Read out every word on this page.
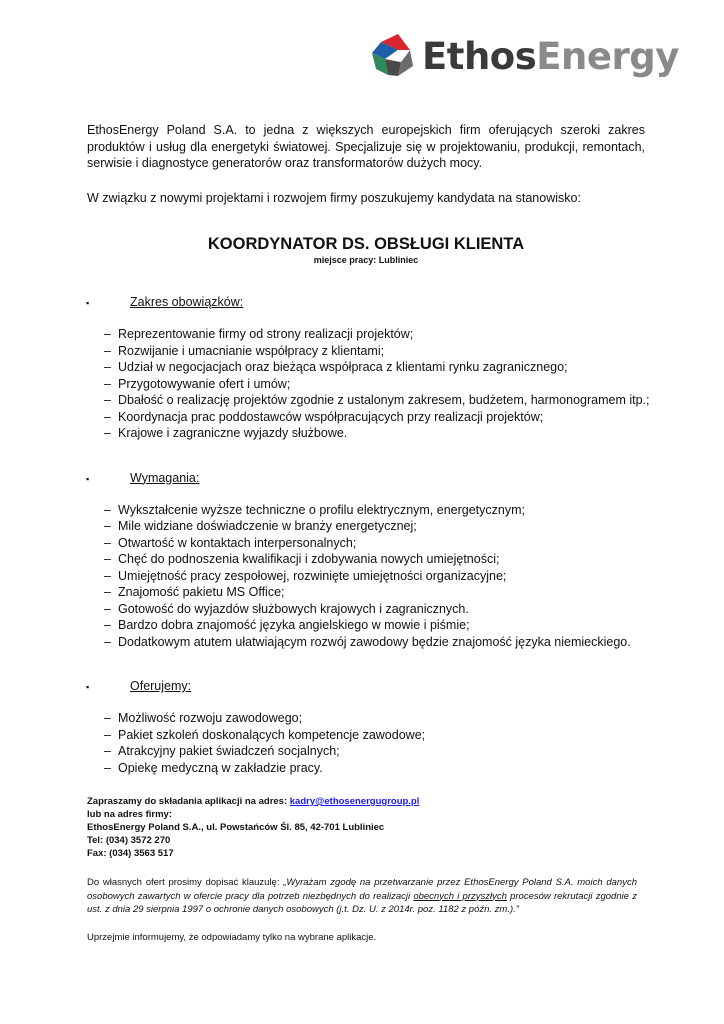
EthosEnergy

EthosEnergy Poland S.A. to jedna z większych europejskich firm oferujących szeroki zakres produktów i usług dla energetyki światowej. Specjalizuje się w projektowaniu, produkcji, remontach, serwisie i diagnostyce generatorów oraz transformatorów dużych mocy.

W związku z nowymi projektami i rozwojem firmy poszukujemy kandydata na stanowisko:

KOORDYNATOR DS. OBSŁUGI KLIENTA
miejsce pracy: Lubliniec
▪	Zakres obowiązków:
– Reprezentowanie firmy od strony realizacji projektów;
– Rozwijanie i umacnianie współpracy z klientami;
– Udział w negocjacjach oraz bieżąca współpraca z klientami rynku zagranicznego;
– Przygotowywanie ofert i umów;
– Dbałość o realizację projektów zgodnie z ustalonym zakresem, budżetem, harmonogramem itp.;
– Koordynacja prac poddostawców współpracujących przy realizacji projektów;
– Krajowe i zagraniczne wyjazdy służbowe.
▪	Wymagania:
– Wykształcenie wyższe techniczne o profilu elektrycznym, energetycznym;
– Mile widziane doświadczenie w branży energetycznej;
– Otwartość w kontaktach interpersonalnych;
– Chęć do podnoszenia kwalifikacji i zdobywania nowych umiejętności;
– Umiejętność pracy zespołowej, rozwinięte umiejętności organizacyjne;
– Znajomość pakietu MS Office;
– Gotowość do wyjazdów służbowych krajowych i zagranicznych.
– Bardzo dobra znajomość języka angielskiego w mowie i piśmie;
– Dodatkowym atutem ułatwiającym rozwój zawodowy będzie znajomość języka niemieckiego.
▪	Oferujemy:
– Możliwość rozwoju zawodowego;
– Pakiet szkoleń doskonalących kompetencje zawodowe;
– Atrakcyjny pakiet świadczeń socjalnych;
– Opiekę medyczną w zakładzie pracy.
Zapraszamy do składania aplikacji na adres: kadry@ethosenergugroup.pl
lub na adres firmy:
EthosEnergy Poland S.A., ul. Powstańców Śl. 85, 42-701 Lubliniec
Tel: (034) 3572 270
Fax: (034) 3563 517
Do własnych ofert prosimy dopisać klauzulę: „Wyrażam zgodę na przetwarzanie przez EthosEnergy Poland S.A. moich danych osobowych zawartych w ofercie pracy dla potrzeb niezbędnych do realizacji obecnych i przyszłych procesów rekrutacji zgodnie z ust. z dnia 29 sierpnia 1997 o ochronie danych osobowych (j.t. Dz. U. z 2014r. poz. 1182 z późn. zm.).”
Uprzejmie informujemy, że odpowiadamy tylko na wybrane aplikacje.
